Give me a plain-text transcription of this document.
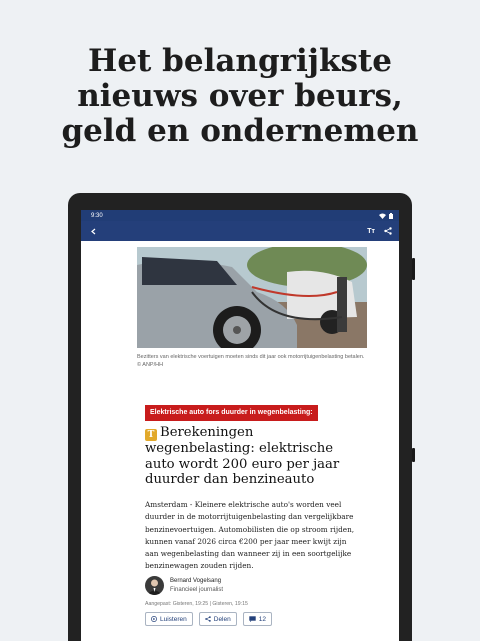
Het belangrijkste
nieuws over beurs,
geld en ondernemen
9:30
Tт
Bezitters van elektrische voertuigen moeten sinds dit jaar ook motorrijtuigenbelasting betalen. © ANP/HH
Elektrische auto fors duurder in wegenbelasting:
T Berekeningen wegenbelasting: elektrische auto wordt 200 euro per jaar duurder dan benzineauto
Amsterdam - Kleinere elektrische auto's worden veel duurder in de motorrijtuigenbelasting dan vergelijkbare benzinevoertuigen. Automobilisten die op stroom rijden, kunnen vanaf 2026 circa €200 per jaar meer kwijt zijn aan wegenbelasting dan wanneer zij in een soortgelijke benzinewagen zouden rijden.
Bernard Vogelsang
Financieel journalist
Aangepast: Gisteren, 19:25 | Gisteren, 19:15
Luisteren	Delen	12
